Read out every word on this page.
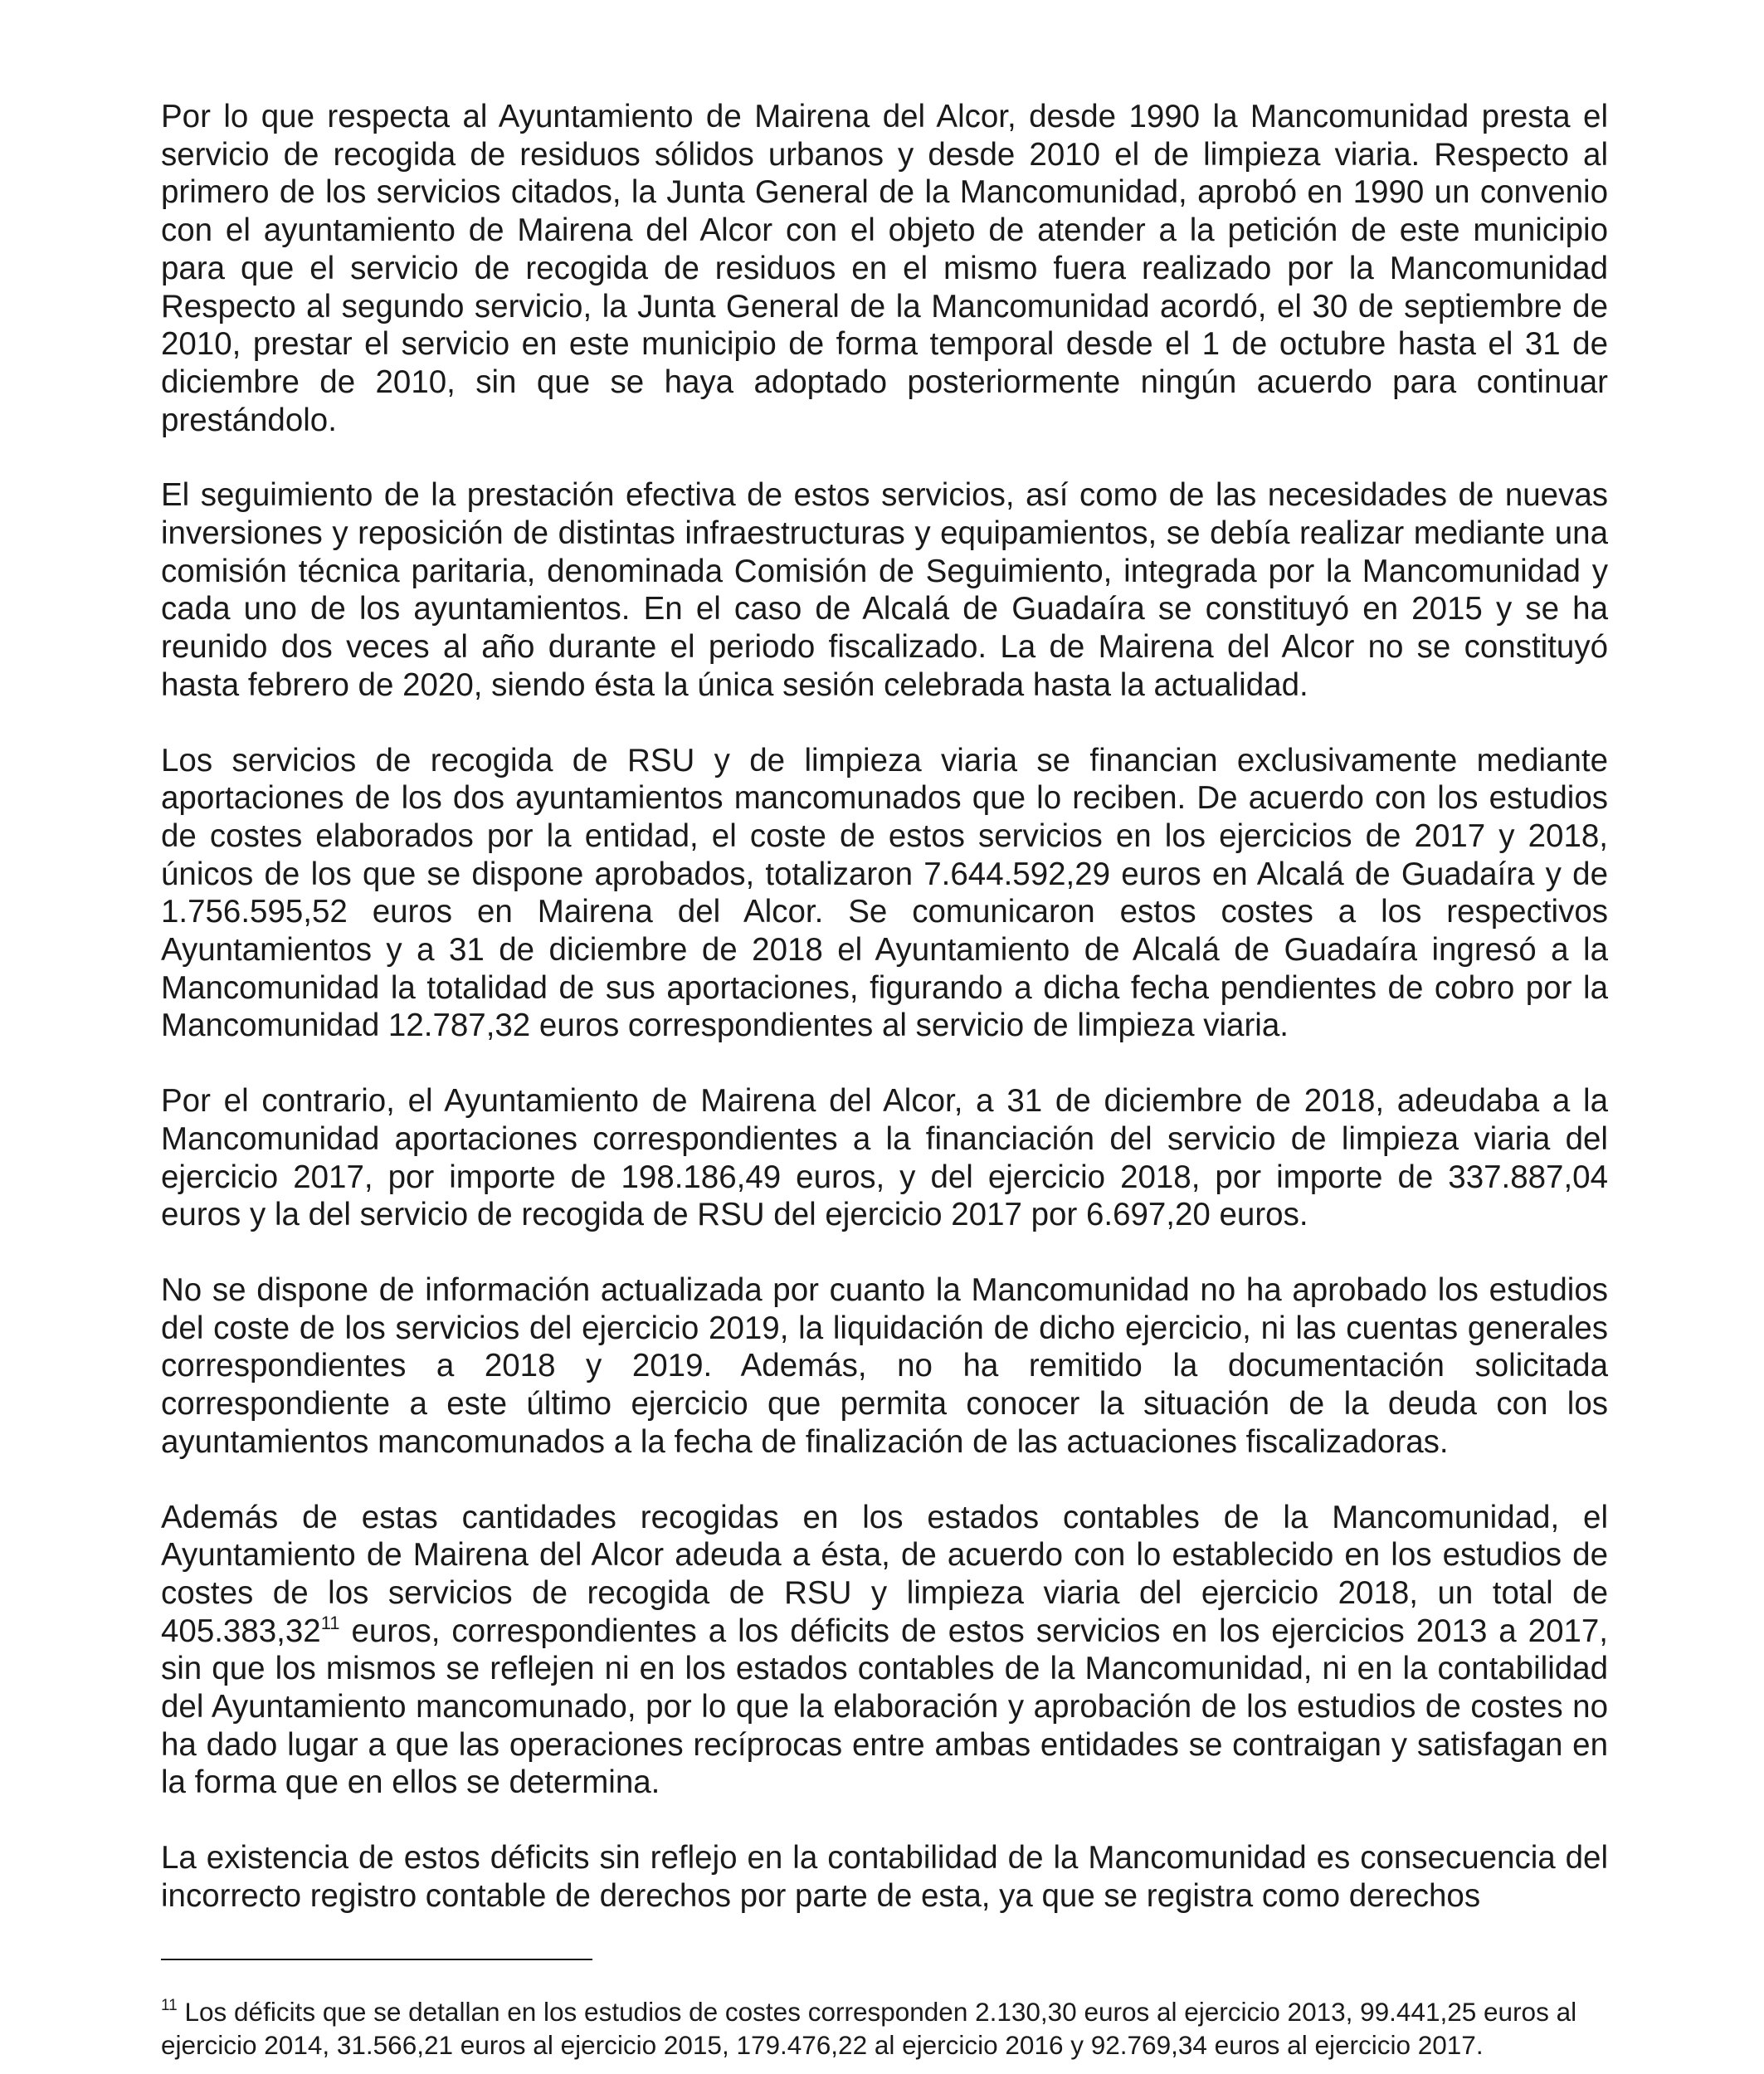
Por lo que respecta al Ayuntamiento de Mairena del Alcor, desde 1990 la Mancomunidad presta el servicio de recogida de residuos sólidos urbanos y desde 2010 el de limpieza viaria. Respecto al primero de los servicios citados, la Junta General de la Mancomunidad, aprobó en 1990 un convenio con el ayuntamiento de Mairena del Alcor con el objeto de atender a la petición de este municipio para que el servicio de recogida de residuos en el mismo fuera realizado por la Mancomunidad Respecto al segundo servicio, la Junta General de la Mancomunidad acordó, el 30 de septiembre de 2010, prestar el servicio en este municipio de forma temporal desde el 1 de octubre hasta el 31 de diciembre de 2010, sin que se haya adoptado posteriormente ningún acuerdo para continuar prestándolo.

El seguimiento de la prestación efectiva de estos servicios, así como de las necesidades de nuevas inversiones y reposición de distintas infraestructuras y equipamientos, se debía realizar mediante una comisión técnica paritaria, denominada Comisión de Seguimiento, integrada por la Mancomunidad y cada uno de los ayuntamientos. En el caso de Alcalá de Guadaíra se constituyó en 2015 y se ha reunido dos veces al año durante el periodo fiscalizado. La de Mairena del Alcor no se constituyó hasta febrero de 2020, siendo ésta la única sesión celebrada hasta la actualidad.

Los servicios de recogida de RSU y de limpieza viaria se financian exclusivamente mediante aportaciones de los dos ayuntamientos mancomunados que lo reciben. De acuerdo con los estudios de costes elaborados por la entidad, el coste de estos servicios en los ejercicios de 2017 y 2018, únicos de los que se dispone aprobados, totalizaron 7.644.592,29 euros en Alcalá de Guadaíra y de 1.756.595,52 euros en Mairena del Alcor. Se comunicaron estos costes a los respectivos Ayuntamientos y a 31 de diciembre de 2018 el Ayuntamiento de Alcalá de Guadaíra ingresó a la Mancomunidad la totalidad de sus aportaciones, figurando a dicha fecha pendientes de cobro por la Mancomunidad 12.787,32 euros correspondientes al servicio de limpieza viaria.

Por el contrario, el Ayuntamiento de Mairena del Alcor, a 31 de diciembre de 2018, adeudaba a la Mancomunidad aportaciones correspondientes a la financiación del servicio de limpieza viaria del ejercicio 2017, por importe de 198.186,49 euros, y del ejercicio 2018, por importe de 337.887,04 euros y la del servicio de recogida de RSU del ejercicio 2017 por 6.697,20 euros.

No se dispone de información actualizada por cuanto la Mancomunidad no ha aprobado los estudios del coste de los servicios del ejercicio 2019, la liquidación de dicho ejercicio, ni las cuentas generales correspondientes a 2018 y 2019. Además, no ha remitido la documentación solicitada correspondiente a este último ejercicio que permita conocer la situación de la deuda con los ayuntamientos mancomunados a la fecha de finalización de las actuaciones fiscalizadoras.

Además de estas cantidades recogidas en los estados contables de la Mancomunidad, el Ayuntamiento de Mairena del Alcor adeuda a ésta, de acuerdo con lo establecido en los estudios de costes de los servicios de recogida de RSU y limpieza viaria del ejercicio 2018, un total de 405.383,32$^{11}$ euros, correspondientes a los déficits de estos servicios en los ejercicios 2013 a 2017, sin que los mismos se reflejen ni en los estados contables de la Mancomunidad, ni en la contabilidad del Ayuntamiento mancomunado, por lo que la elaboración y aprobación de los estudios de costes no ha dado lugar a que las operaciones recíprocas entre ambas entidades se contraigan y satisfagan en la forma que en ellos se determina.

La existencia de estos déficits sin reflejo en la contabilidad de la Mancomunidad es consecuencia del incorrecto registro contable de derechos por parte de esta, ya que se registra como derechos

$^{11}$ Los déficits que se detallan en los estudios de costes corresponden 2.130,30 euros al ejercicio 2013, 99.441,25 euros al ejercicio 2014, 31.566,21 euros al ejercicio 2015, 179.476,22 al ejercicio 2016 y 92.769,34 euros al ejercicio 2017.
